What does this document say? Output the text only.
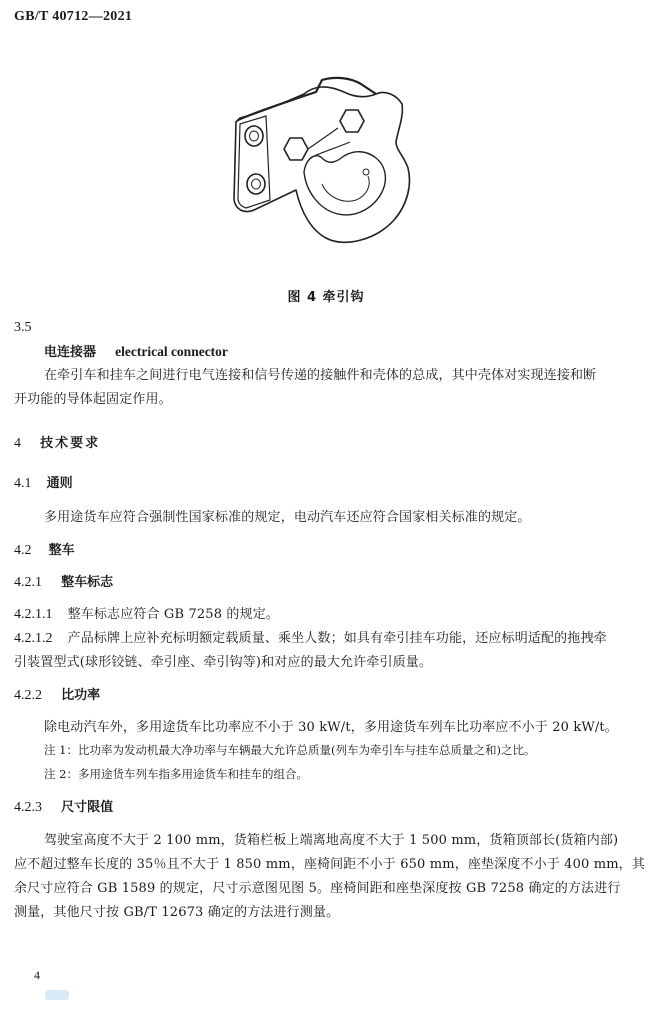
GB/T 40712—2021
图 4 牵引钩
3.5
电连接器 electrical connector
在牵引车和挂车之间进行电气连接和信号传递的接触件和壳体的总成，其中壳体对实现连接和断
开功能的导体起固定作用。
4 技术要求
4.1 通则
多用途货车应符合强制性国家标准的规定，电动汽车还应符合国家相关标准的规定。
4.2 整车
4.2.1 整车标志
4.2.1.1 整车标志应符合 GB 7258 的规定。
4.2.1.2 产品标牌上应补充标明额定载质量、乘坐人数；如具有牵引挂车功能，还应标明适配的拖拽牵
引装置型式(球形铰链、牵引座、牵引钩等)和对应的最大允许牵引质量。
4.2.2 比功率
除电动汽车外，多用途货车比功率应不小于 30 kW/t，多用途货车列车比功率应不小于 20 kW/t。
注 1：比功率为发动机最大净功率与车辆最大允许总质量(列车为牵引车与挂车总质量之和)之比。
注 2：多用途货车列车指多用途货车和挂车的组合。
4.2.3 尺寸限值
驾驶室高度不大于 2 100 mm，货箱栏板上端离地高度不大于 1 500 mm，货箱顶部长(货箱内部)
应不超过整车长度的 35％且不大于 1 850 mm，座椅间距不小于 650 mm，座垫深度不小于 400 mm，其
余尺寸应符合 GB 1589 的规定，尺寸示意图见图 5。座椅间距和座垫深度按 GB 7258 确定的方法进行
测量，其他尺寸按 GB/T 12673 确定的方法进行测量。
4
